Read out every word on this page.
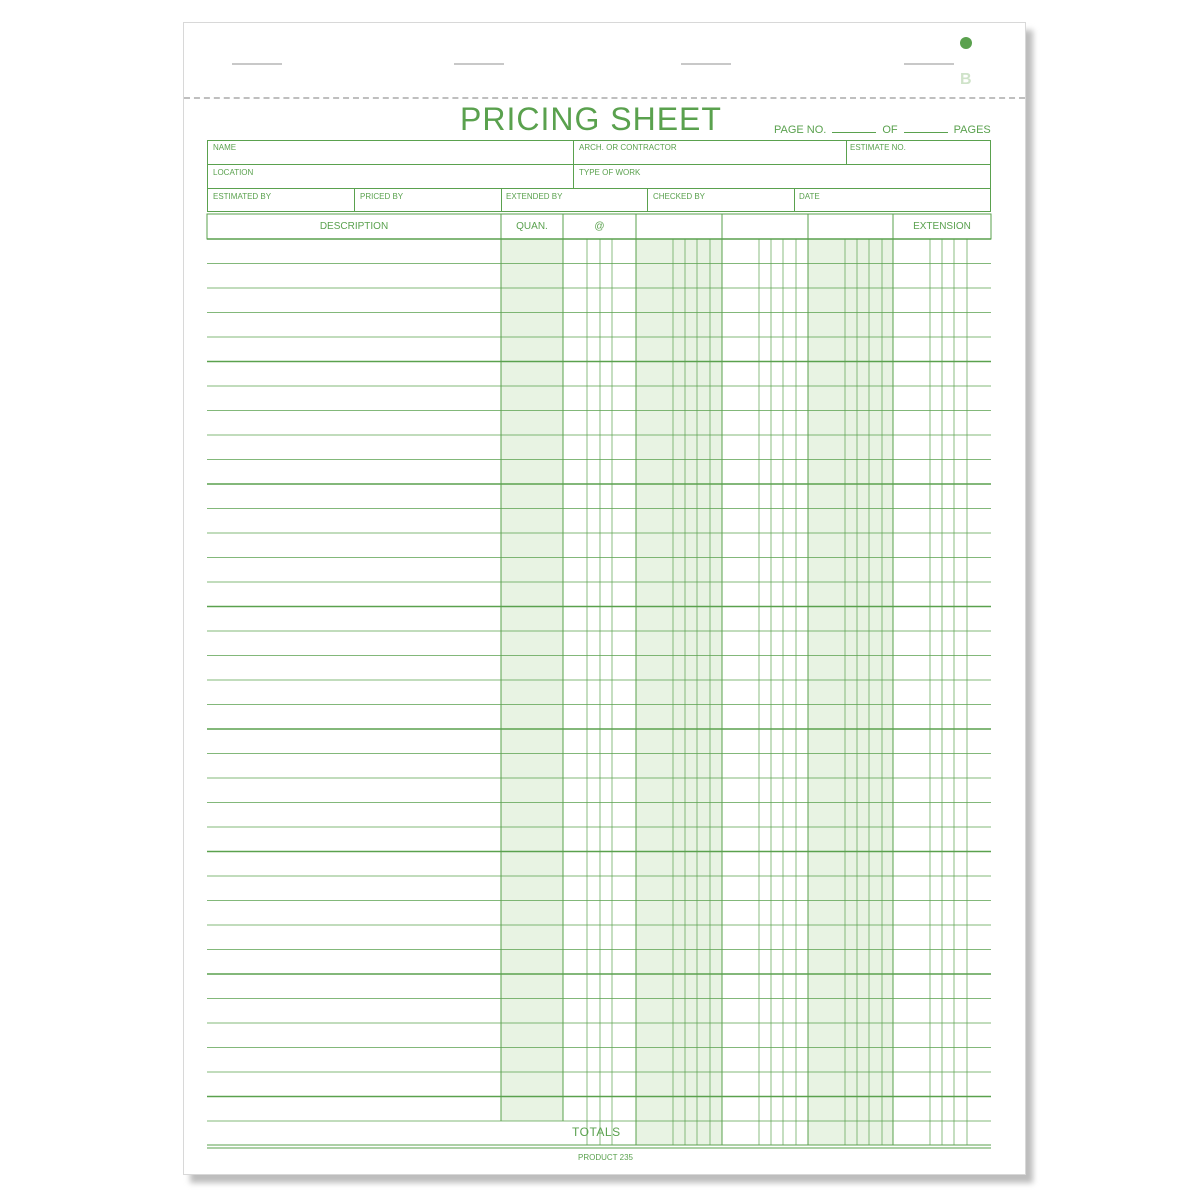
B
PRICING SHEET	PAGE NO.	OF	PAGES
NAME	ARCH. OR CONTRACTOR	ESTIMATE NO.
LOCATION	TYPE OF WORK
ESTIMATED BY	PRICED BY	EXTENDED BY	CHECKED BY	DATE
DESCRIPTION	QUAN.	@	EXTENSION
TOTALS
PRODUCT 235
